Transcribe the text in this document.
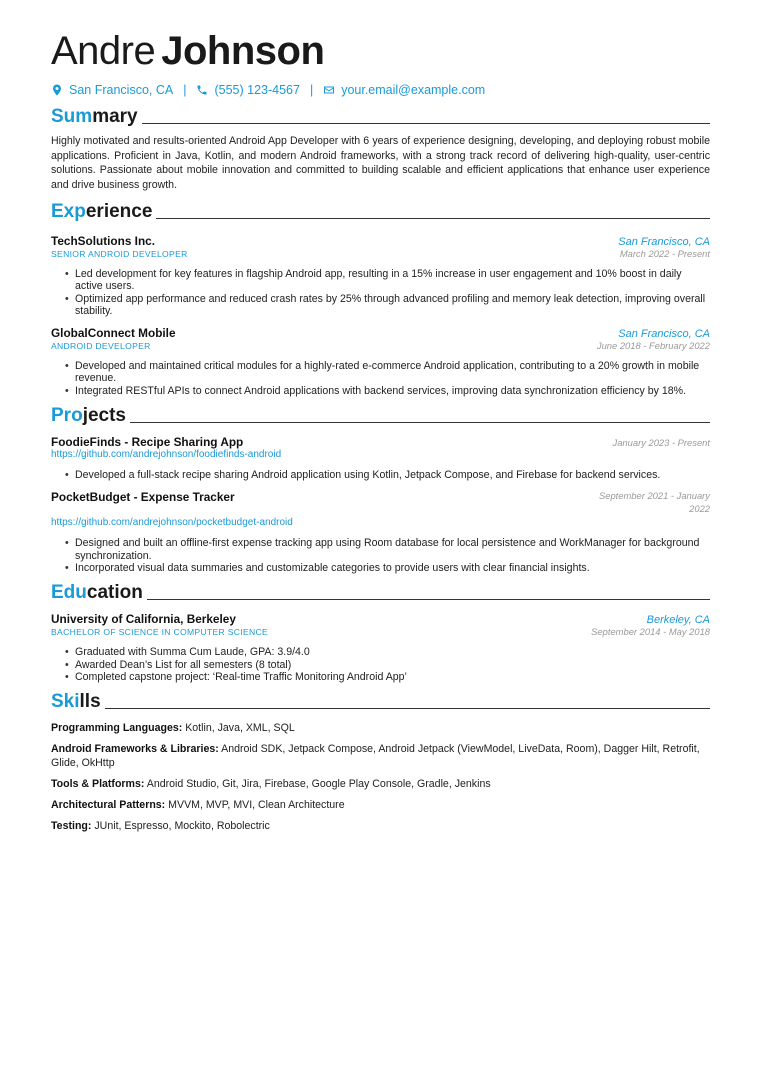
Andre Johnson
San Francisco, CA | (555) 123-4567 | your.email@example.com
Sum mary

Highly motivated and results-oriented Android App Developer with 6 years of experience designing, developing, and deploying robust mobile applications. Proficient in Java, Kotlin, and modern Android frameworks, with a strong track record of delivering high-quality, user-centric solutions. Passionate about mobile innovation and committed to building scalable and efficient applications that enhance user experience and drive business growth.

Exp erience
TechSolutions Inc.	San Francisco, CA
SENIOR ANDROID DEVELOPER	March 2022 - Present
• Led development for key features in flagship Android app, resulting in a 15% increase in user engagement and 10% boost in daily active users.
• Optimized app performance and reduced crash rates by 25% through advanced profiling and memory leak detection, improving overall stability.
GlobalConnect Mobile	San Francisco, CA
ANDROID DEVELOPER	June 2018 - February 2022
• Developed and maintained critical modules for a highly-rated e-commerce Android application, contributing to a 20% growth in mobile revenue.
• Integrated RESTful APIs to connect Android applications with backend services, improving data synchronization efficiency by 18%.
Pro jects
FoodieFinds - Recipe Sharing App	January 2023 - Present
https://github.com/andrejohnson/foodiefinds-android
• Developed a full-stack recipe sharing Android application using Kotlin, Jetpack Compose, and Firebase for backend services.
PocketBudget - Expense Tracker	September 2021 - January 2022
https://github.com/andrejohnson/pocketbudget-android
• Designed and built an offline-first expense tracking app using Room database for local persistence and WorkManager for background synchronization.
• Incorporated visual data summaries and customizable categories to provide users with clear financial insights.
Edu cation
University of California, Berkeley	Berkeley, CA
BACHELOR OF SCIENCE IN COMPUTER SCIENCE	September 2014 - May 2018
• Graduated with Summa Cum Laude, GPA: 3.9/4.0
• Awarded Dean’s List for all semesters (8 total)
• Completed capstone project: ‘Real-time Traffic Monitoring Android App’
Ski lls
Programming Languages: Kotlin, Java, XML, SQL
Android Frameworks & Libraries: Android SDK, Jetpack Compose, Android Jetpack (ViewModel, LiveData, Room), Dagger Hilt, Retrofit, Glide, OkHttp
Tools & Platforms: Android Studio, Git, Jira, Firebase, Google Play Console, Gradle, Jenkins
Architectural Patterns: MVVM, MVP, MVI, Clean Architecture
Testing: JUnit, Espresso, Mockito, Robolectric
